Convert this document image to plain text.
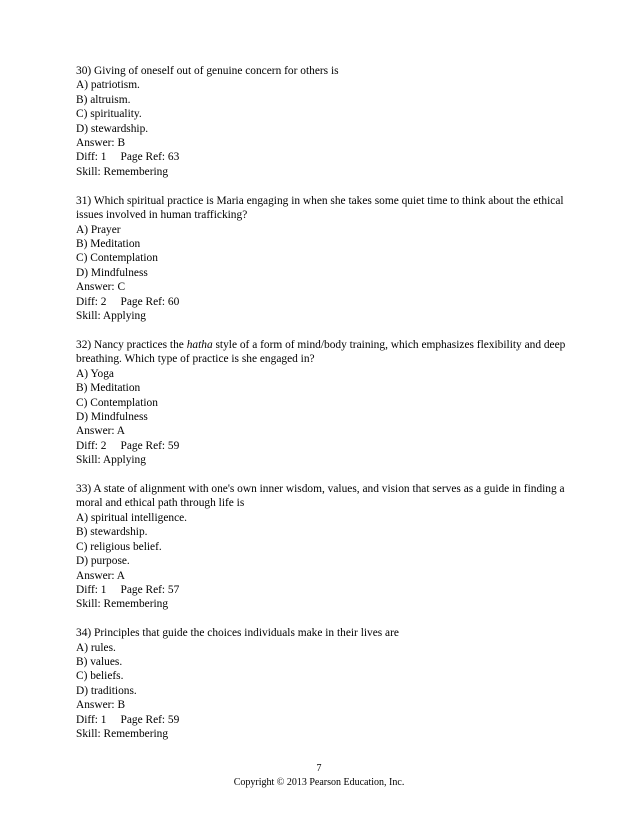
30) Giving of oneself out of genuine concern for others is

A) patriotism.

B) altruism.

C) spirituality.

D) stewardship.

Answer: B

Diff: 1 Page Ref: 63

Skill: Remembering

31) Which spiritual practice is Maria engaging in when she takes some quiet time to think about the ethical issues involved in human trafficking?

A) Prayer

B) Meditation

C) Contemplation

D) Mindfulness

Answer: C

Diff: 2 Page Ref: 60

Skill: Applying

32) Nancy practices the hatha style of a form of mind/body training, which emphasizes flexibility and deep breathing. Which type of practice is she engaged in?

A) Yoga

B) Meditation

C) Contemplation

D) Mindfulness

Answer: A

Diff: 2 Page Ref: 59

Skill: Applying

33) A state of alignment with one's own inner wisdom, values, and vision that serves as a guide in finding a moral and ethical path through life is

A) spiritual intelligence.

B) stewardship.

C) religious belief.

D) purpose.

Answer: A

Diff: 1 Page Ref: 57

Skill: Remembering

34) Principles that guide the choices individuals make in their lives are

A) rules.

B) values.

C) beliefs.

D) traditions.

Answer: B

Diff: 1 Page Ref: 59

Skill: Remembering

7

Copyright © 2013 Pearson Education, Inc.
